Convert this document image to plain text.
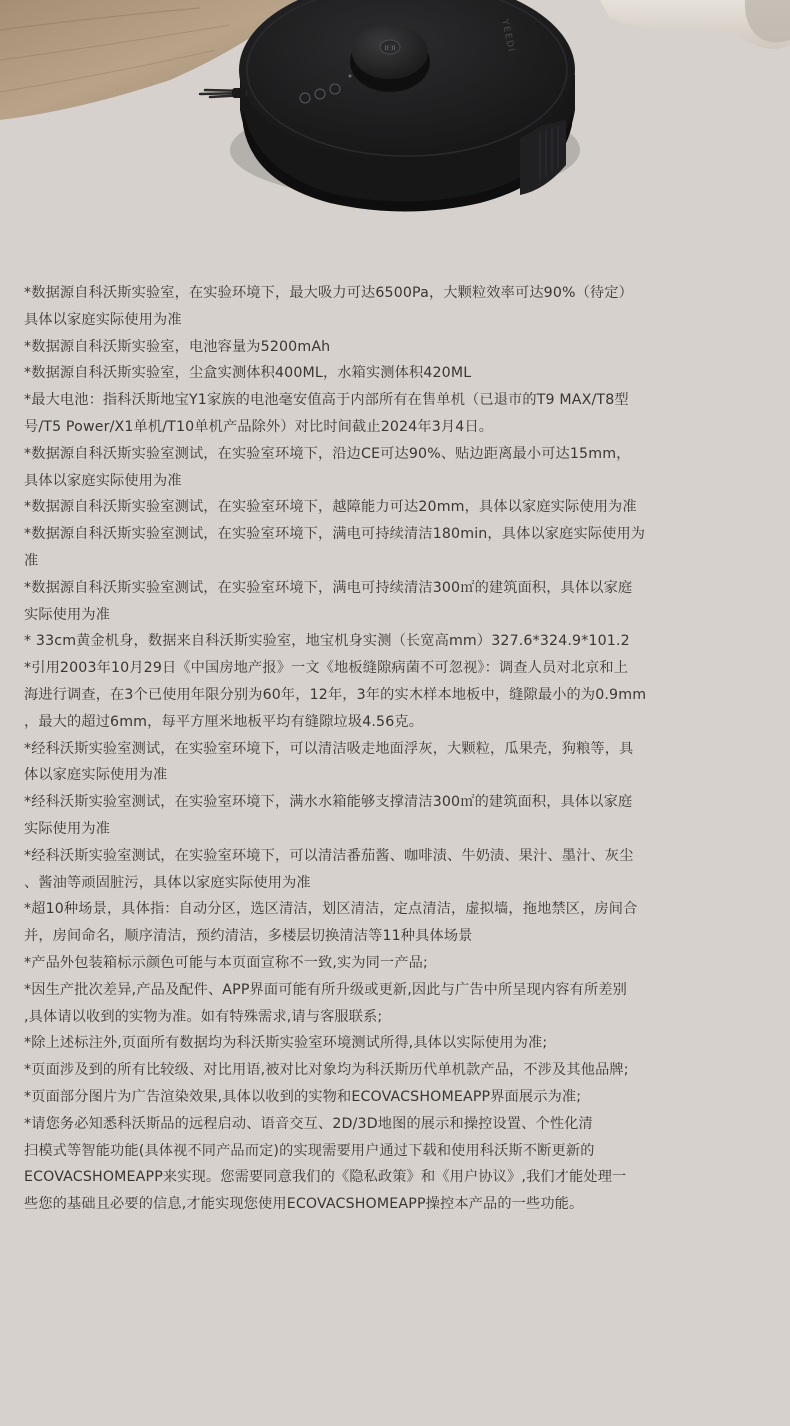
((·))	YEEDI
*数据源自科沃斯实验室，在实验环境下，最大吸力可达6500Pa，大颗粒效率可达90%（待定）
具体以家庭实际使用为准
*数据源自科沃斯实验室，电池容量为5200mAh
*数据源自科沃斯实验室，尘盒实测体积400ML，水箱实测体积420ML
*最大电池：指科沃斯地宝Y1家族的电池毫安值高于内部所有在售单机（已退市的T9 MAX/T8型
号/T5 Power/X1单机/T10单机产品除外）对比时间截止2024年3月4日。
*数据源自科沃斯实验室测试，在实验室环境下，沿边CE可达90%、贴边距离最小可达15mm，
具体以家庭实际使用为准
*数据源自科沃斯实验室测试，在实验室环境下，越障能力可达20mm，具体以家庭实际使用为准
*数据源自科沃斯实验室测试，在实验室环境下，满电可持续清洁180min，具体以家庭实际使用为
准
*数据源自科沃斯实验室测试，在实验室环境下，满电可持续清洁300㎡的建筑面积，具体以家庭
实际使用为准
* 33cm黄金机身，数据来自科沃斯实验室，地宝机身实测（长宽高mm）327.6*324.9*101.2
*引用2003年10月29日《中国房地产报》一文《地板缝隙病菌不可忽视》：调查人员对北京和上
海进行调查，在3个已使用年限分别为60年，12年，3年的实木样本地板中，缝隙最小的为0.9mm
，最大的超过6mm，每平方厘米地板平均有缝隙垃圾4.56克。
*经科沃斯实验室测试，在实验室环境下，可以清洁吸走地面浮灰，大颗粒，瓜果壳，狗粮等，具
体以家庭实际使用为准
*经科沃斯实验室测试，在实验室环境下，满水水箱能够支撑清洁300㎡的建筑面积，具体以家庭
实际使用为准
*经科沃斯实验室测试，在实验室环境下，可以清洁番茄酱、咖啡渍、牛奶渍、果汁、墨汁、灰尘
、酱油等顽固脏污，具体以家庭实际使用为准
*超10种场景，具体指：自动分区，选区清洁，划区清洁，定点清洁，虚拟墙，拖地禁区，房间合
并，房间命名，顺序清洁，预约清洁，多楼层切换清洁等11种具体场景
*产品外包装箱标示颜色可能与本页面宣称不一致,实为同一产品;
*因生产批次差异,产品及配件、APP界面可能有所升级或更新,因此与广告中所呈现内容有所差别
,具体请以收到的实物为准。如有特殊需求,请与客服联系;
*除上述标注外,页面所有数据均为科沃斯实验室环境测试所得,具体以实际使用为准;
*页面涉及到的所有比较级、对比用语,被对比对象均为科沃斯历代单机款产品，不涉及其他品牌;
*页面部分图片为广告渲染效果,具体以收到的实物和ECOVACSHOMEAPP界面展示为准;
*请您务必知悉科沃斯品的远程启动、语音交互、2D/3D地图的展示和操控设置、个性化清
扫模式等智能功能(具体视不同产品而定)的实现需要用户通过下载和使用科沃斯不断更新的
ECOVACSHOMEAPP来实现。您需要同意我们的《隐私政策》和《用户协议》,我们才能处理一
些您的基础且必要的信息,才能实现您使用ECOVACSHOMEAPP操控本产品的一些功能。
